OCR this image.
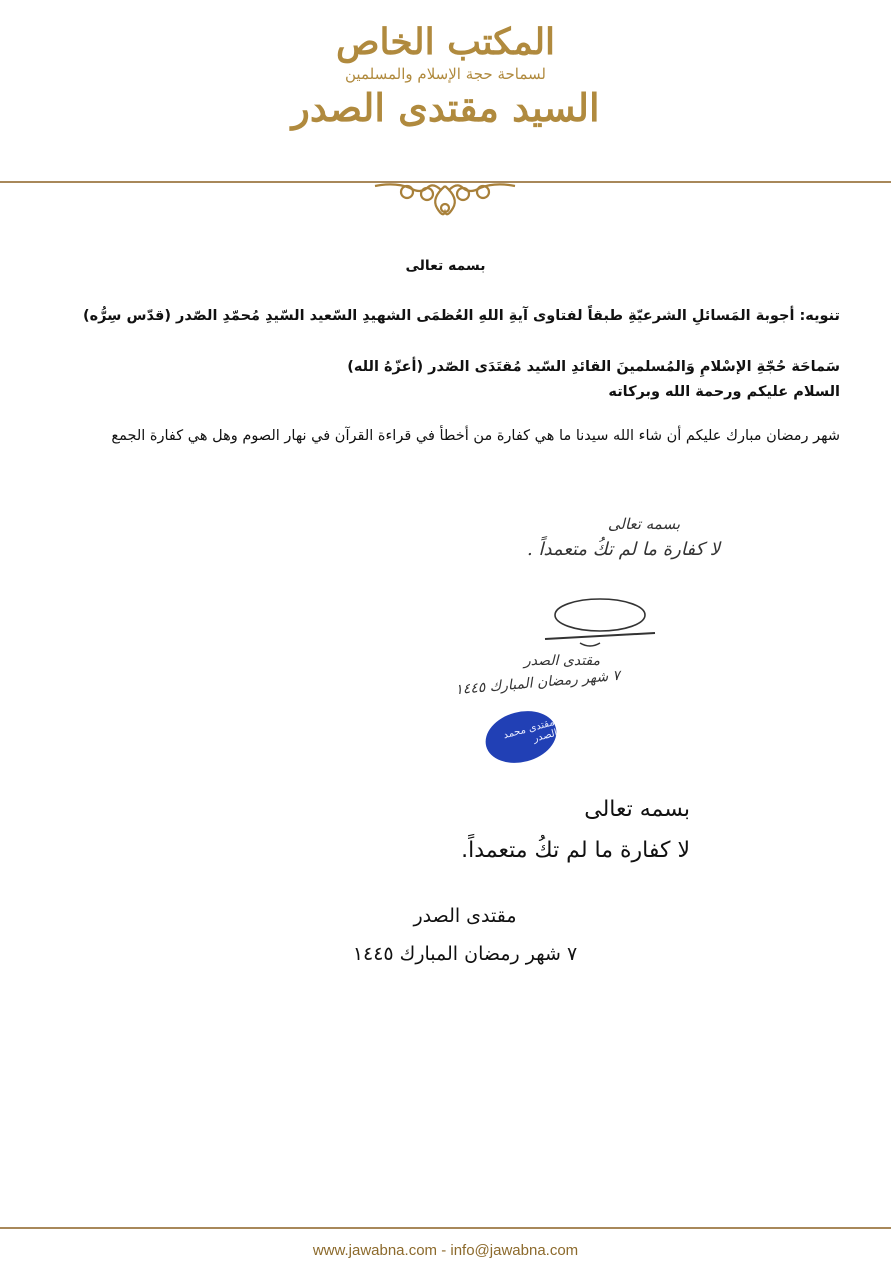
المكتب الخاص
لسماحة حجة الإسلام والمسلمين
السيد مقتدى الصدر
بسمه تعالى
تنويه: أجوبة المَسائلِ الشرعيّةِ طبقاً لفتاوى آيةِ اللهِ العُظمَى الشهيدِ السّعيد السّيدِ مُحمّدِ الصّدر (قدّس سِرُّه)
سَماحَة حُجّةِ الإسْلامِ وَالمُسلمينَ القائدِ السّيد مُقتَدَى الصّدر (أعزّهُ الله)
السلام عليكم ورحمة الله وبركاته
شهر رمضان مبارك عليكم أن شاء الله سيدنا ما هي كفارة من أخطأ في قراءة القرآن في نهار الصوم وهل هي كفارة الجمع
بسمه تعالى
لا كفارة ما لم تكُ متعمداً .
مقتدى الصدر
٧ شهر رمضان المبارك ١٤٤٥
مقتدى محمد الصدر
بسمه تعالى
لا كفارة ما لم تكُ متعمداً.
مقتدى الصدر
٧ شهر رمضان المبارك ١٤٤٥
www.jawabna.com - info@jawabna.com
